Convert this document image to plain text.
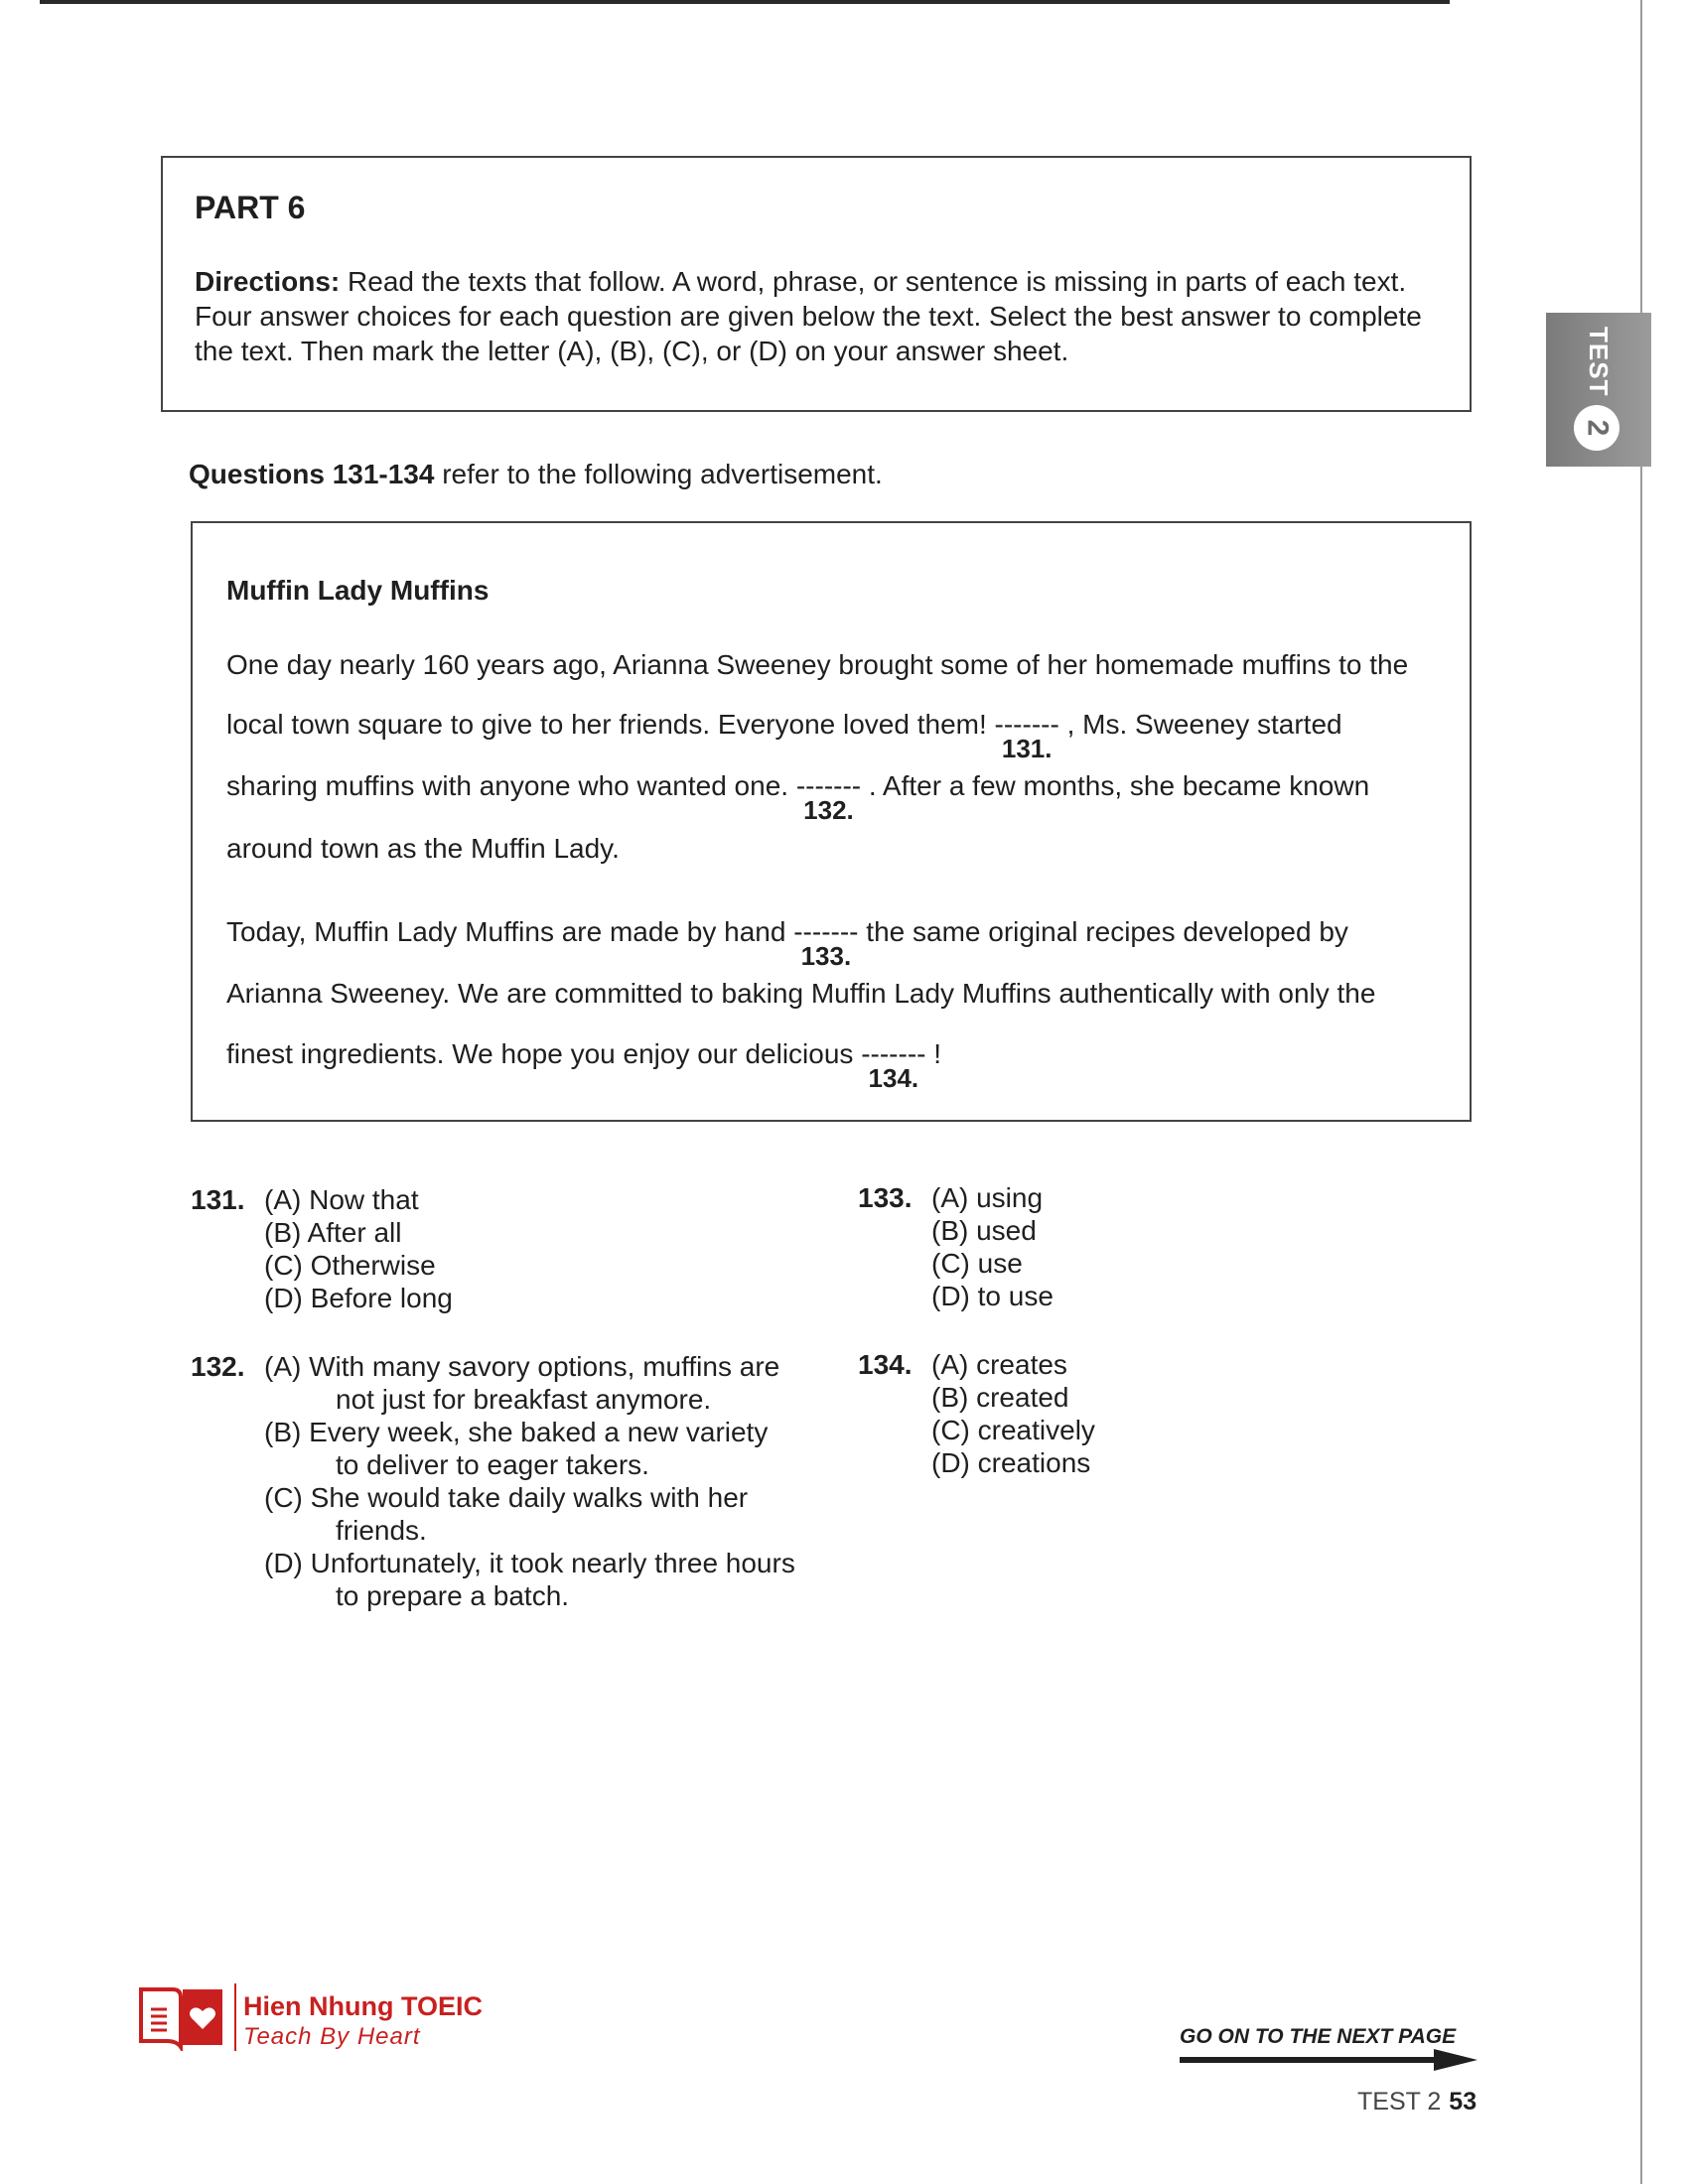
PART 6

Directions: Read the texts that follow. A word, phrase, or sentence is missing in parts of each text.
Four answer choices for each question are given below the text. Select the best answer to complete
the text. Then mark the letter (A), (B), (C), or (D) on your answer sheet.	TEST
2
Questions 131-134 refer to the following advertisement.
Muffin Lady Muffins
One day nearly 160 years ago, Arianna Sweeney brought some of her homemade muffins to the
local town square to give to her friends. Everyone loved them! -------
131.
, Ms. Sweeney started
sharing muffins with anyone who wanted one. -------
132.
. After a few months, she became known
around town as the Muffin Lady.
Today, Muffin Lady Muffins are made by hand -------
133.
the same original recipes developed by
Arianna Sweeney. We are committed to baking Muffin Lady Muffins authentically with only the
finest ingredients. We hope you enjoy our delicious -------
134.
!
131. (A) Now that
(B) After all
(C) Otherwise
(D) Before long
132. (A) With many savory options, muffins are
not just for breakfast anymore.
(B) Every week, she baked a new variety
to deliver to eager takers.
(C) She would take daily walks with her
friends.
(D) Unfortunately, it took nearly three hours
to prepare a batch.
133. (A) using
(B) used
(C) use
(D) to use
134. (A) creates
(B) created
(C) creatively
(D) creations
Hien Nhung TOEIC
Teach By Heart	GO ON TO THE NEXT PAGE
TEST 2 53
